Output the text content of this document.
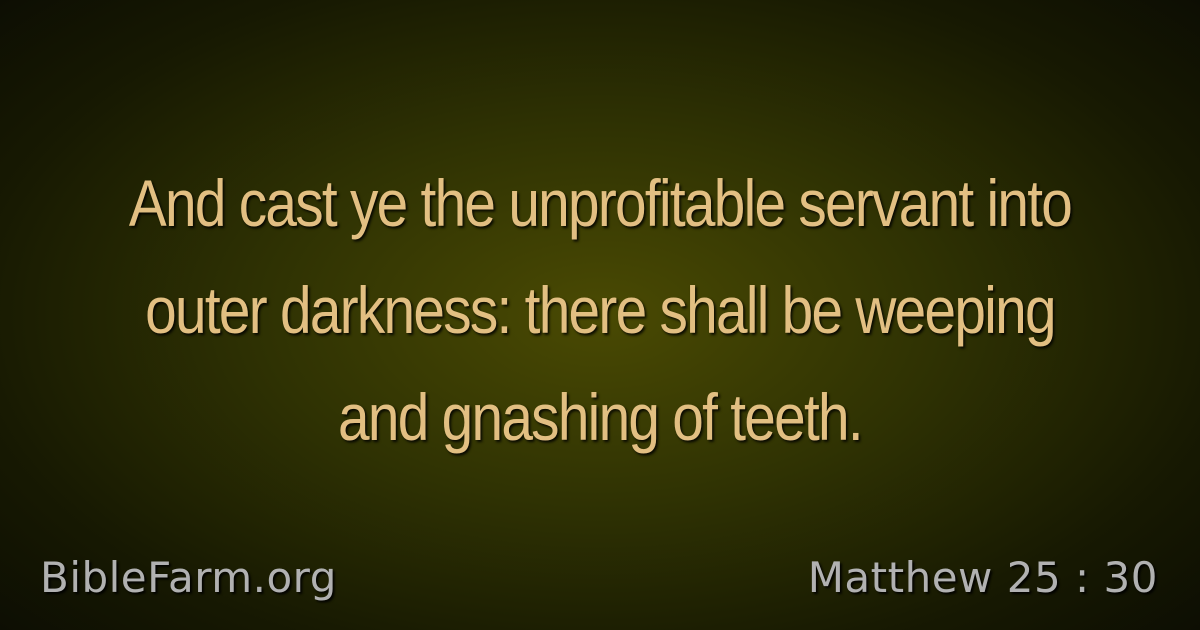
And cast ye the unprofitable servant into outer darkness: there shall be weeping and gnashing of teeth.
BibleFarm.org	Matthew 25 : 30
